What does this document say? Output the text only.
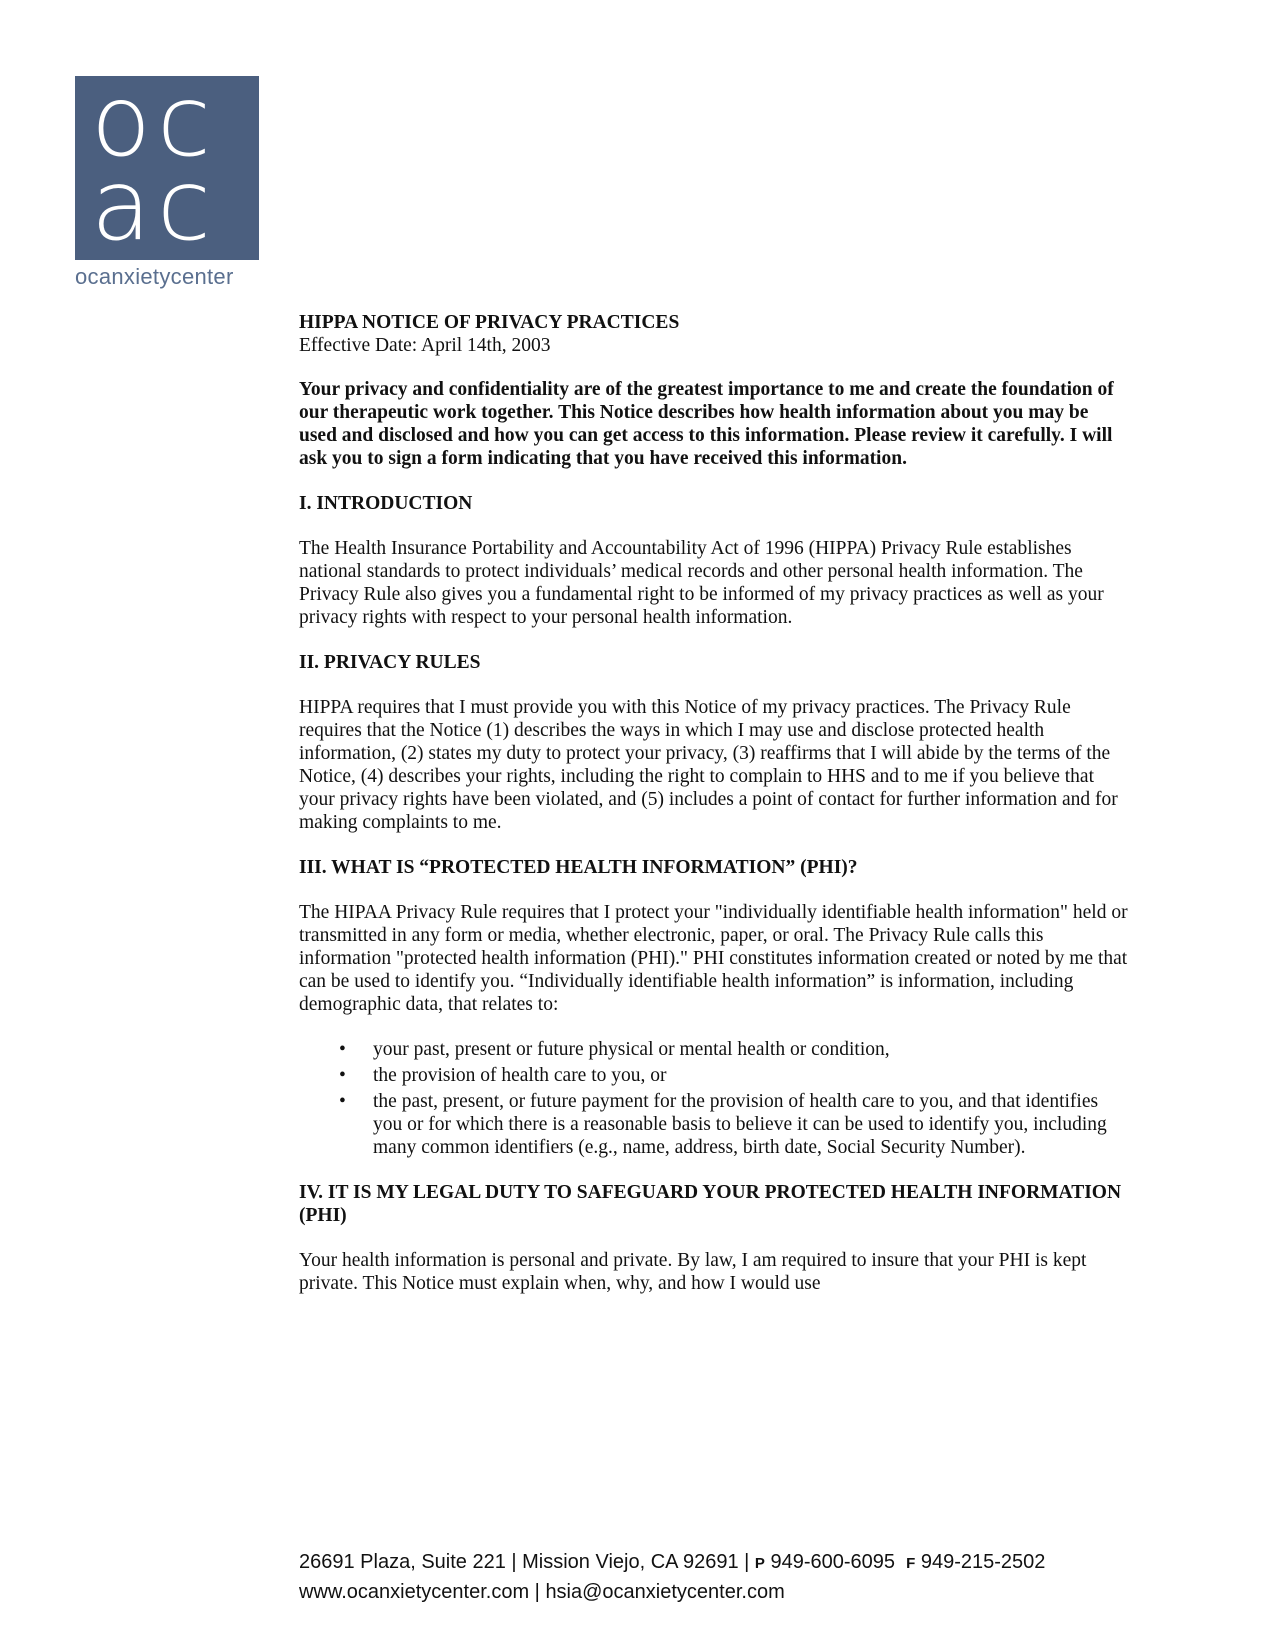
oc
ac
ocanxietycenter

HIPPA NOTICE OF PRIVACY PRACTICES

Effective Date: April 14th, 2003

Your privacy and confidentiality are of the greatest importance to me and create the foundation of our therapeutic work together. This Notice describes how health information about you may be used and disclosed and how you can get access to this information. Please review it carefully. I will ask you to sign a form indicating that you have received this information.

I. INTRODUCTION

The Health Insurance Portability and Accountability Act of 1996 (HIPPA) Privacy Rule establishes national standards to protect individuals’ medical records and other personal health information. The Privacy Rule also gives you a fundamental right to be informed of my privacy practices as well as your privacy rights with respect to your personal health information.

II. PRIVACY RULES

HIPPA requires that I must provide you with this Notice of my privacy practices. The Privacy Rule requires that the Notice (1) describes the ways in which I may use and disclose protected health information, (2) states my duty to protect your privacy, (3) reaffirms that I will abide by the terms of the Notice, (4) describes your rights, including the right to complain to HHS and to me if you believe that your privacy rights have been violated, and (5) includes a point of contact for further information and for making complaints to me.

III. WHAT IS “PROTECTED HEALTH INFORMATION” (PHI)?

The HIPAA Privacy Rule requires that I protect your "individually identifiable health information" held or transmitted in any form or media, whether electronic, paper, or oral. The Privacy Rule calls this information "protected health information (PHI)." PHI constitutes information created or noted by me that can be used to identify you. “Individually identifiable health information” is information, including demographic data, that relates to:

• your past, present or future physical or mental health or condition,
• the provision of health care to you, or
• the past, present, or future payment for the provision of health care to you, and that identifies you or for which there is a reasonable basis to believe it can be used to identify you, including many common identifiers (e.g., name, address, birth date, Social Security Number).

IV. IT IS MY LEGAL DUTY TO SAFEGUARD YOUR PROTECTED HEALTH INFORMATION (PHI)

Your health information is personal and private. By law, I am required to insure that your PHI is kept private. This Notice must explain when, why, and how I would use

26691 Plaza, Suite 221 | Mission Viejo, CA 92691 | P 949-600-6095 F 949-215-2502
www.ocanxietycenter.com | hsia@ocanxietycenter.com
